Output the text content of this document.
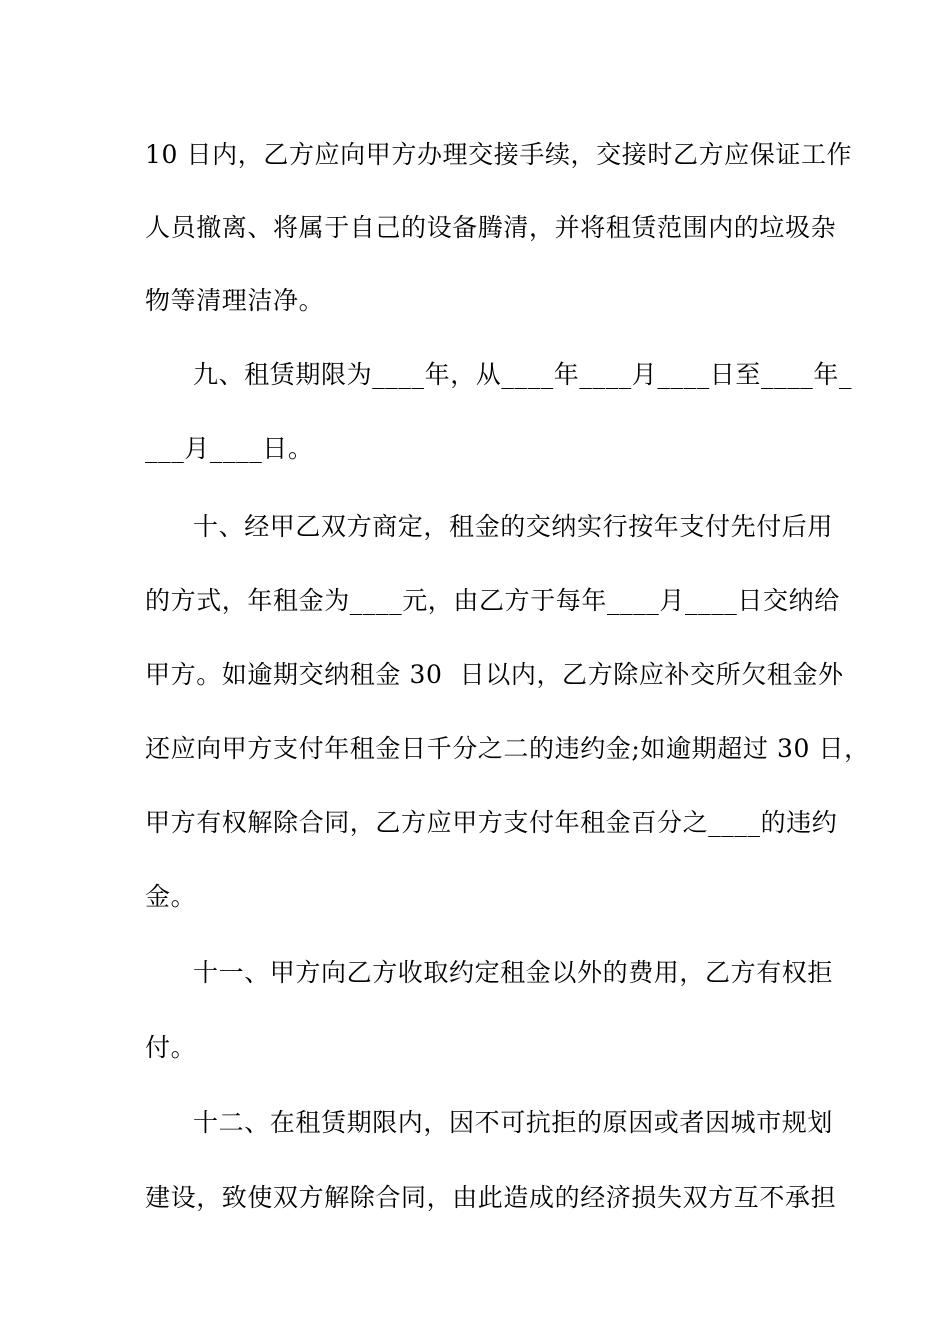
10 日内，乙方应向甲方办理交接手续，交接时乙方应保证工作
人员撤离、将属于自己的设备腾清，并将租赁范围内的垃圾杂
物等清理洁净。
九、租赁期限为____年，从____年____月____日至____年_
___月____日。
十、经甲乙双方商定，租金的交纳实行按年支付先付后用
的方式，年租金为____元，由乙方于每年____月____日交纳给
甲方。如逾期交纳租金 30  日以内，乙方除应补交所欠租金外
还应向甲方支付年租金日千分之二的违约金;如逾期超过 30 日，
甲方有权解除合同，乙方应甲方支付年租金百分之____的违约
金。
十一、甲方向乙方收取约定租金以外的费用，乙方有权拒
付。
十二、在租赁期限内，因不可抗拒的原因或者因城市规划
建设，致使双方解除合同，由此造成的经济损失双方互不承担
